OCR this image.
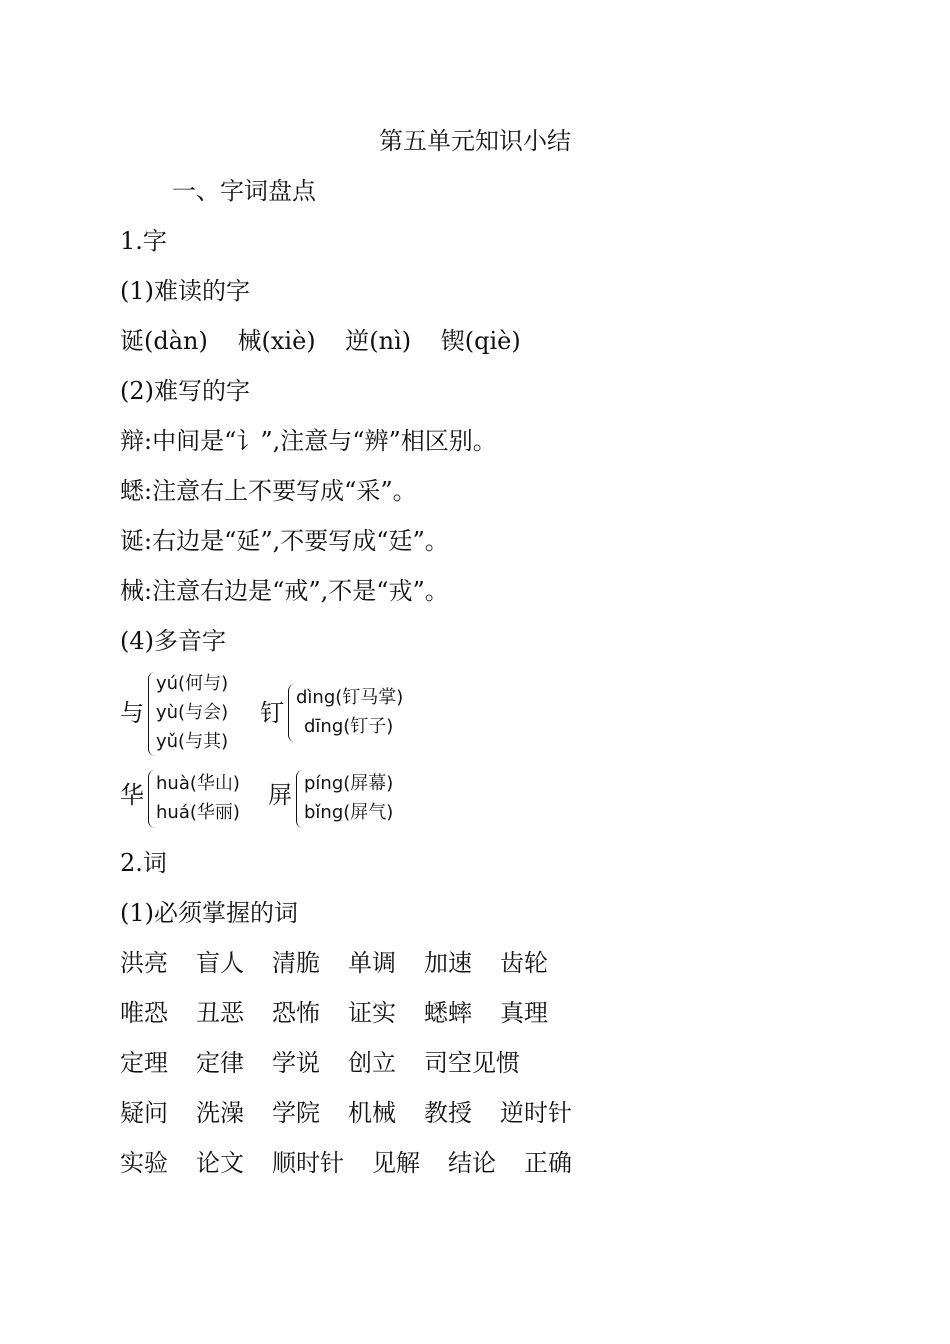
第五单元知识小结
一、字词盘点
1.字
(1)难读的字
诞(dàn) 械(xiè) 逆(nì) 锲(qiè)
(2)难写的字
辩:中间是“讠”,注意与“辨”相区别。
蟋:注意右上不要写成“采”。
诞:右边是“延”,不要写成“廷”。
械:注意右边是“戒”,不是“戎”。
(4)多音字
与
yú(何与)
yù(与会)
yǔ(与其)
钉
dìng(钉马掌)
dīng(钉子)
华 huà(华山)
huá(华丽)
屏 píng(屏幕)
bǐng(屏气)
2.词
(1)必须掌握的词
洪亮 盲人 清脆 单调 加速 齿轮
唯恐 丑恶 恐怖 证实 蟋蟀 真理
定理 定律 学说 创立 司空见惯
疑问 洗澡 学院 机械 教授 逆时针
实验 论文 顺时针 见解 结论 正确
